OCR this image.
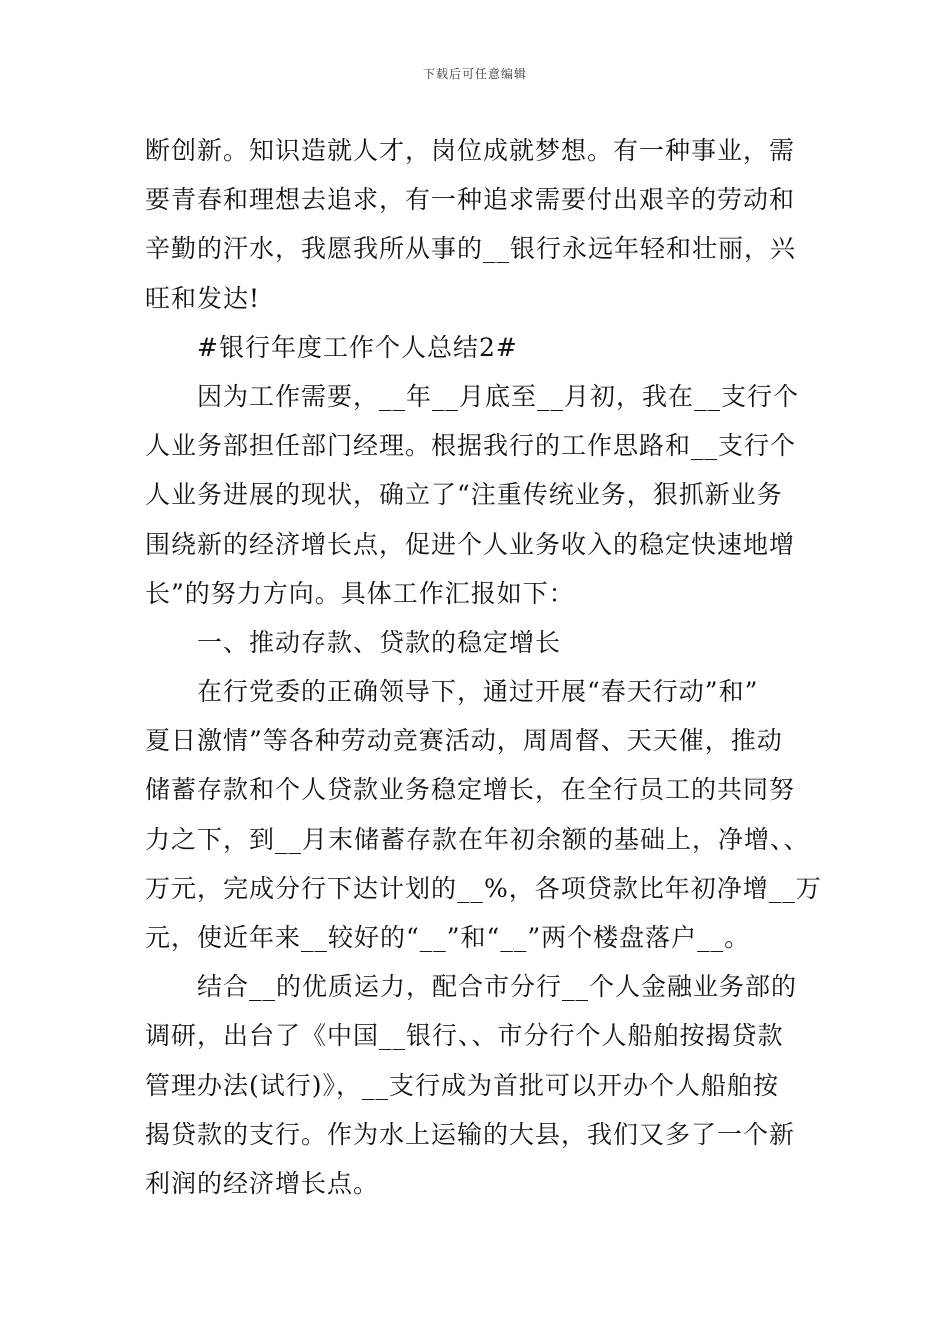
下载后可任意编辑
断创新。知识造就人才，岗位成就梦想。有一种事业，需
要青春和理想去追求，有一种追求需要付出艰辛的劳动和
辛勤的汗水，我愿我所从事的__银行永远年轻和壮丽，兴
旺和发达!
#银行年度工作个人总结2#
因为工作需要，__年__月底至__月初，我在__支行个
人业务部担任部门经理。根据我行的工作思路和__支行个
人业务进展的现状，确立了“注重传统业务，狠抓新业务
围绕新的经济增长点，促进个人业务收入的稳定快速地增
长”的努力方向。具体工作汇报如下：
一、推动存款、贷款的稳定增长
在行党委的正确领导下，通过开展“春天行动”和”
夏日激情”等各种劳动竞赛活动，周周督、天天催，推动
储蓄存款和个人贷款业务稳定增长，在全行员工的共同努
力之下，到__月末储蓄存款在年初余额的基础上，净增、、
万元，完成分行下达计划的__%，各项贷款比年初净增__万
元，使近年来__较好的“__”和“__”两个楼盘落户__。
结合__的优质运力，配合市分行__个人金融业务部的
调研，出台了《中国__银行、、市分行个人船舶按揭贷款
管理办法(试行)》，__支行成为首批可以开办个人船舶按
揭贷款的支行。作为水上运输的大县，我们又多了一个新
利润的经济增长点。
